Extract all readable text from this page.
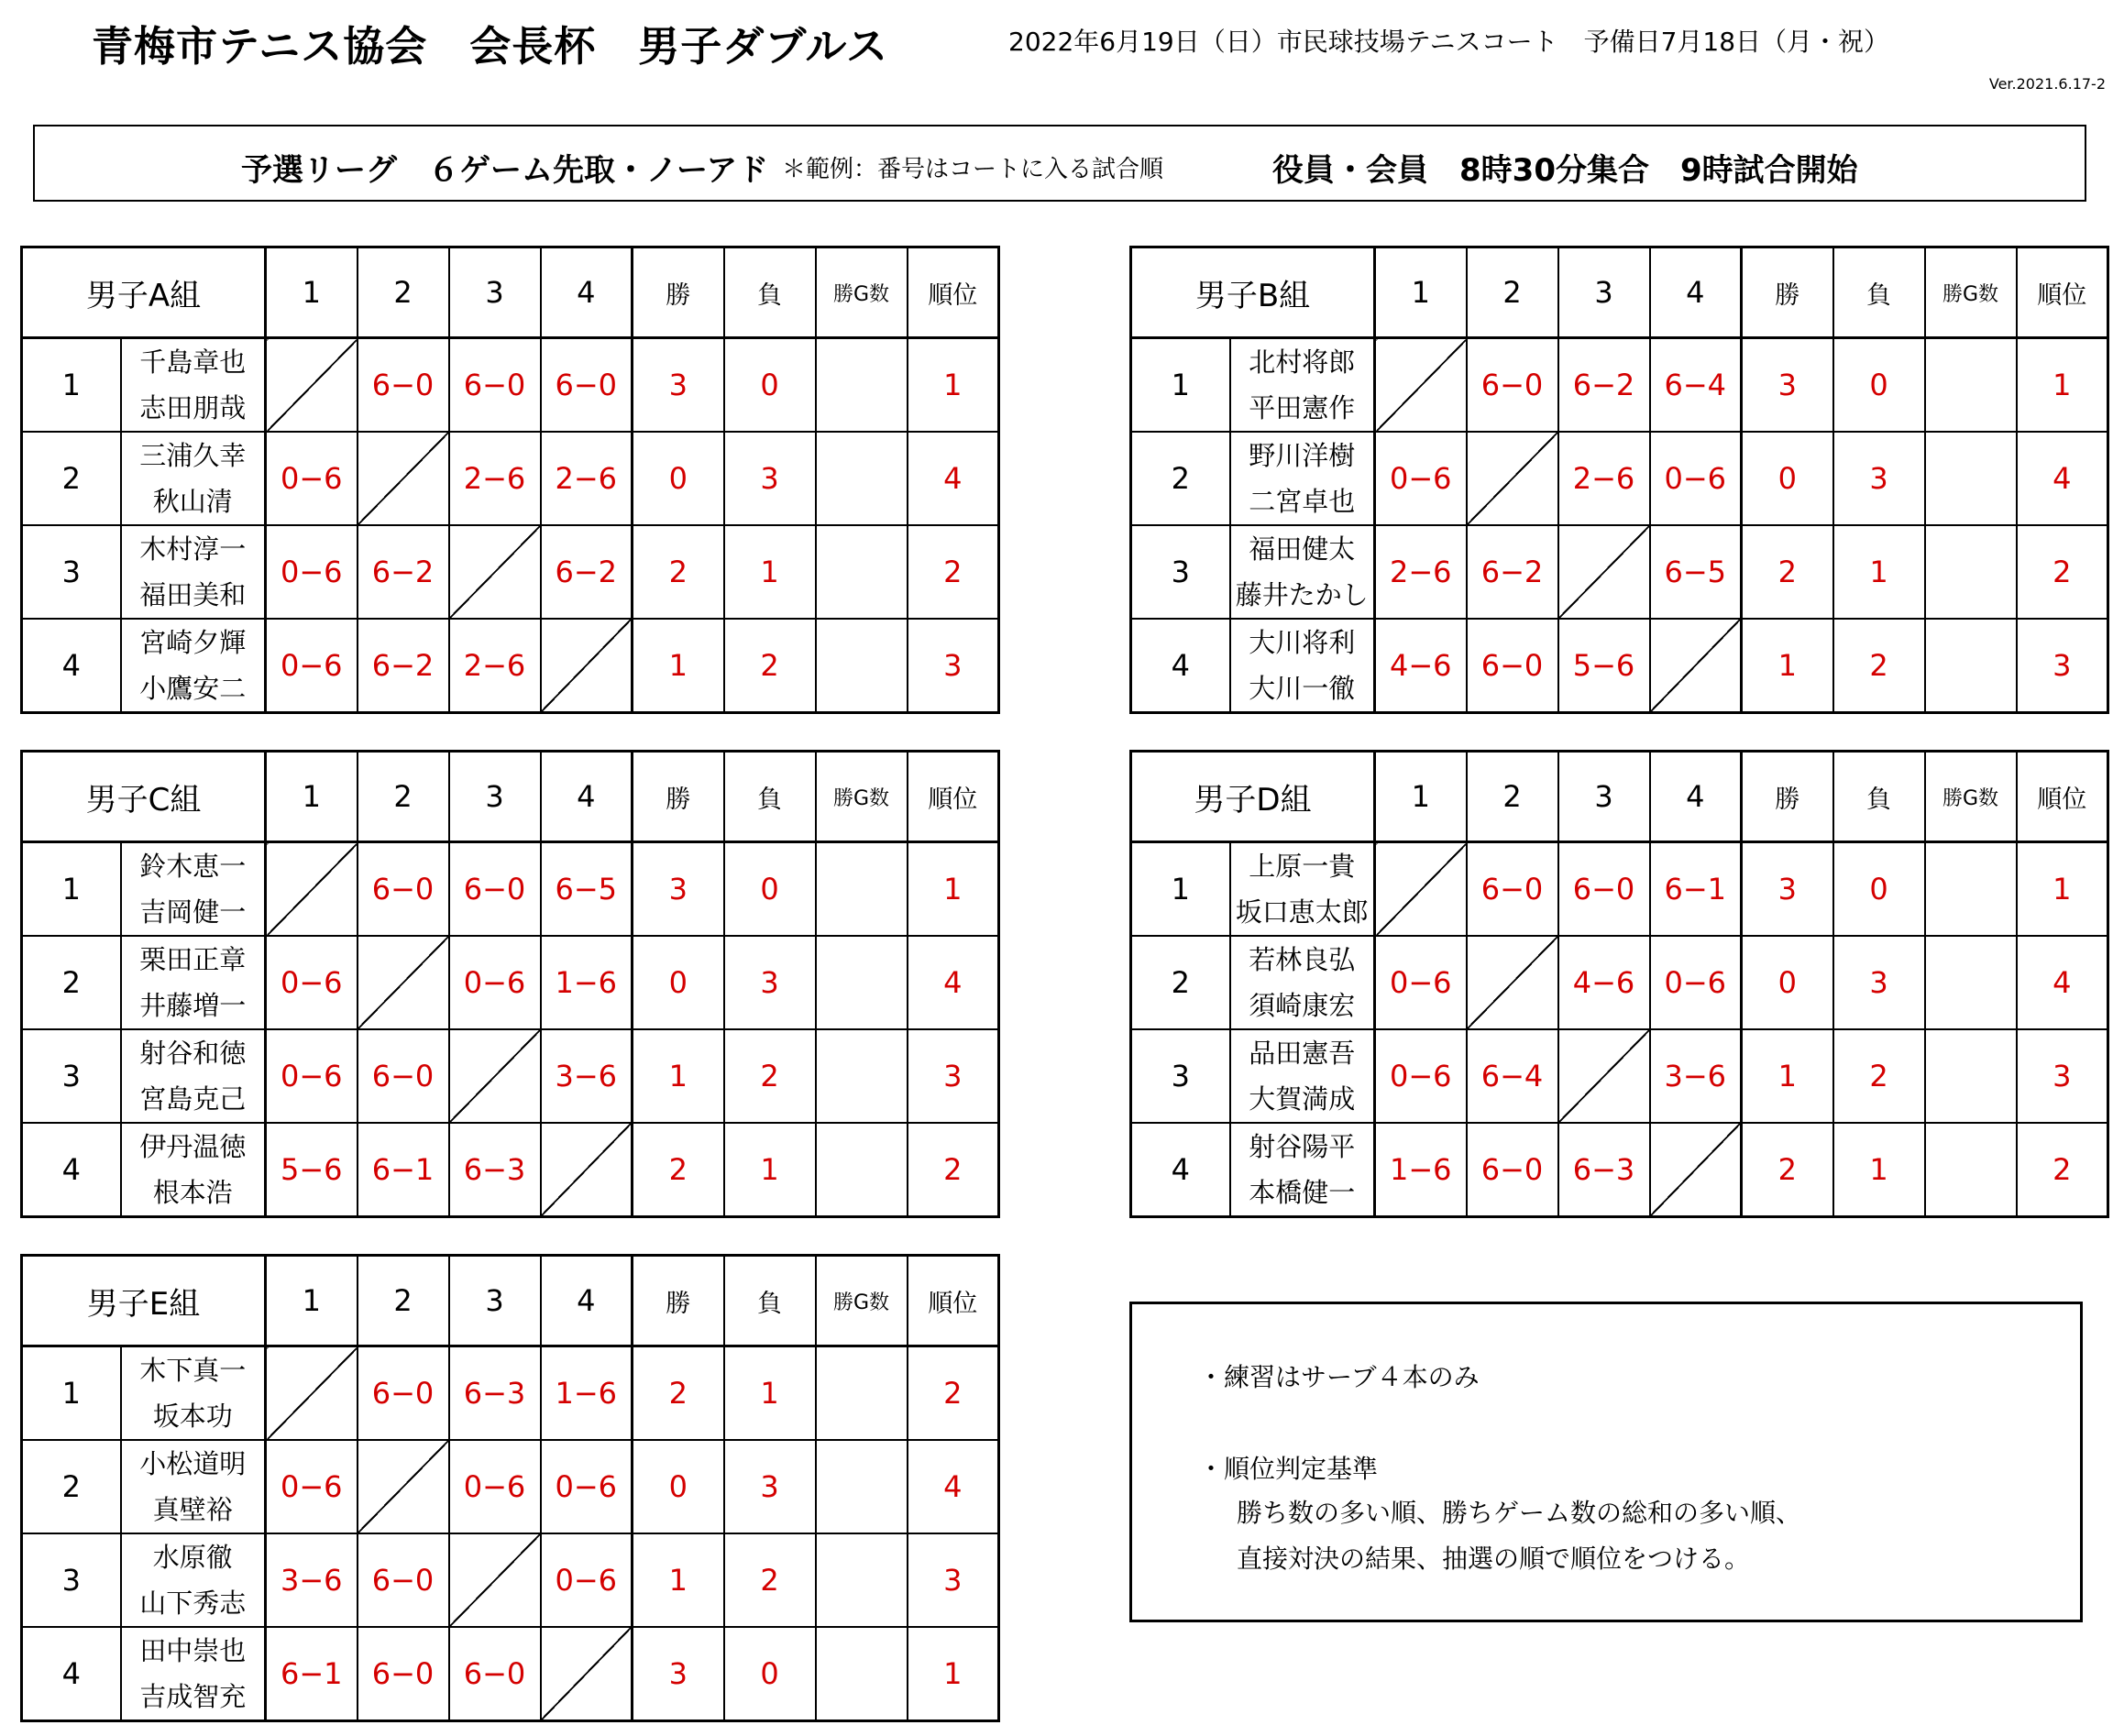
青梅市テニス協会　会長杯　男子ダブルス	2022年6月19日（日）市民球技場テニスコート　予備日7月18日（月・祝）
Ver.2021.6.17-2
予選リーグ　６ゲーム先取・ノーアド ＊範例：番号はコートに入る試合順	役員・会員　8時30分集合　9時試合開始
男子A組		1	2	3	4	勝	負	勝G数	順位
1	千島章也
志田朋哉		6−0	6−0	6−0	3	0		1
2	三浦久幸
秋山清	0−6		2−6	2−6	0	3		4
3	木村淳一
福田美和	0−6	6−2		6−2	2	1		2
4	宮崎夕輝
小鷹安二	0−6	6−2	2−6		1	2		3
男子B組		1	2	3	4	勝	負	勝G数	順位
1	北村将郎
平田憲作		6−0	6−2	6−4	3	0		1
2	野川洋樹
二宮卓也	0−6		2−6	0−6	0	3		4
3	福田健太
藤井たかし	2−6	6−2		6−5	2	1		2
4	大川将利
大川一徹	4−6	6−0	5−6		1	2		3
男子C組		1	2	3	4	勝	負	勝G数	順位
1	鈴木恵一
吉岡健一		6−0	6−0	6−5	3	0		1
2	栗田正章
井藤増一	0−6		0−6	1−6	0	3		4
3	射谷和徳
宮島克己	0−6	6−0		3−6	1	2		3
4	伊丹温徳
根本浩	5−6	6−1	6−3		2	1		2
男子D組		1	2	3	4	勝	負	勝G数	順位
1	上原一貴
坂口恵太郎		6−0	6−0	6−1	3	0		1
2	若林良弘
須崎康宏	0−6		4−6	0−6	0	3		4
3	品田憲吾
大賀満成	0−6	6−4		3−6	1	2		3
4	射谷陽平
本橋健一	1−6	6−0	6−3		2	1		2
男子E組		1	2	3	4	勝	負	勝G数	順位
1	木下真一
坂本功		6−0	6−3	1−6	2	1		2
2	小松道明
真壁裕	0−6		0−6	0−6	0	3		4
3	水原徹
山下秀志	3−6	6−0		0−6	1	2		3
4	田中崇也
吉成智充	6−1	6−0	6−0		3	0		1
・練習はサーブ４本のみ
・順位判定基準
勝ち数の多い順、勝ちゲーム数の総和の多い順、
直接対決の結果、抽選の順で順位をつける。
